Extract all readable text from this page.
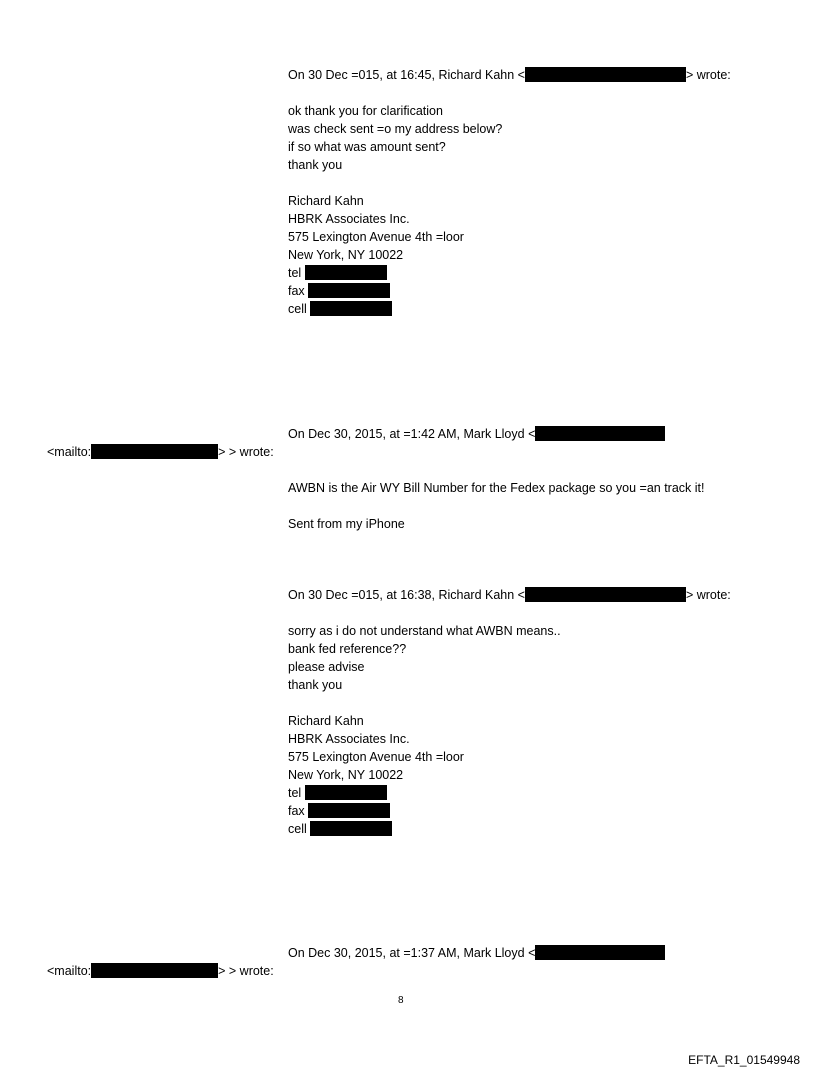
On 30 Dec =015, at 16:45, Richard Kahn <	> wrote:
ok thank you for clarification
was check sent =o my address below?
if so what was amount sent?
thank you
Richard Kahn
HBRK Associates Inc.
575 Lexington Avenue 4th =loor
New York, NY 10022
tel
fax
cell
On Dec 30, 2015, at =1:42 AM, Mark Lloyd <
<mailto:	> > wrote:
AWBN is the Air WY Bill Number for the Fedex package so you =an track it!
Sent from my iPhone
On 30 Dec =015, at 16:38, Richard Kahn <	> wrote:
sorry as i do not understand what AWBN means..
bank fed reference??
please advise
thank you
Richard Kahn
HBRK Associates Inc.
575 Lexington Avenue 4th =loor
New York, NY 10022
tel
fax
cell
On Dec 30, 2015, at =1:37 AM, Mark Lloyd <
<mailto:	> > wrote:
8
EFTA_R1_01549948
